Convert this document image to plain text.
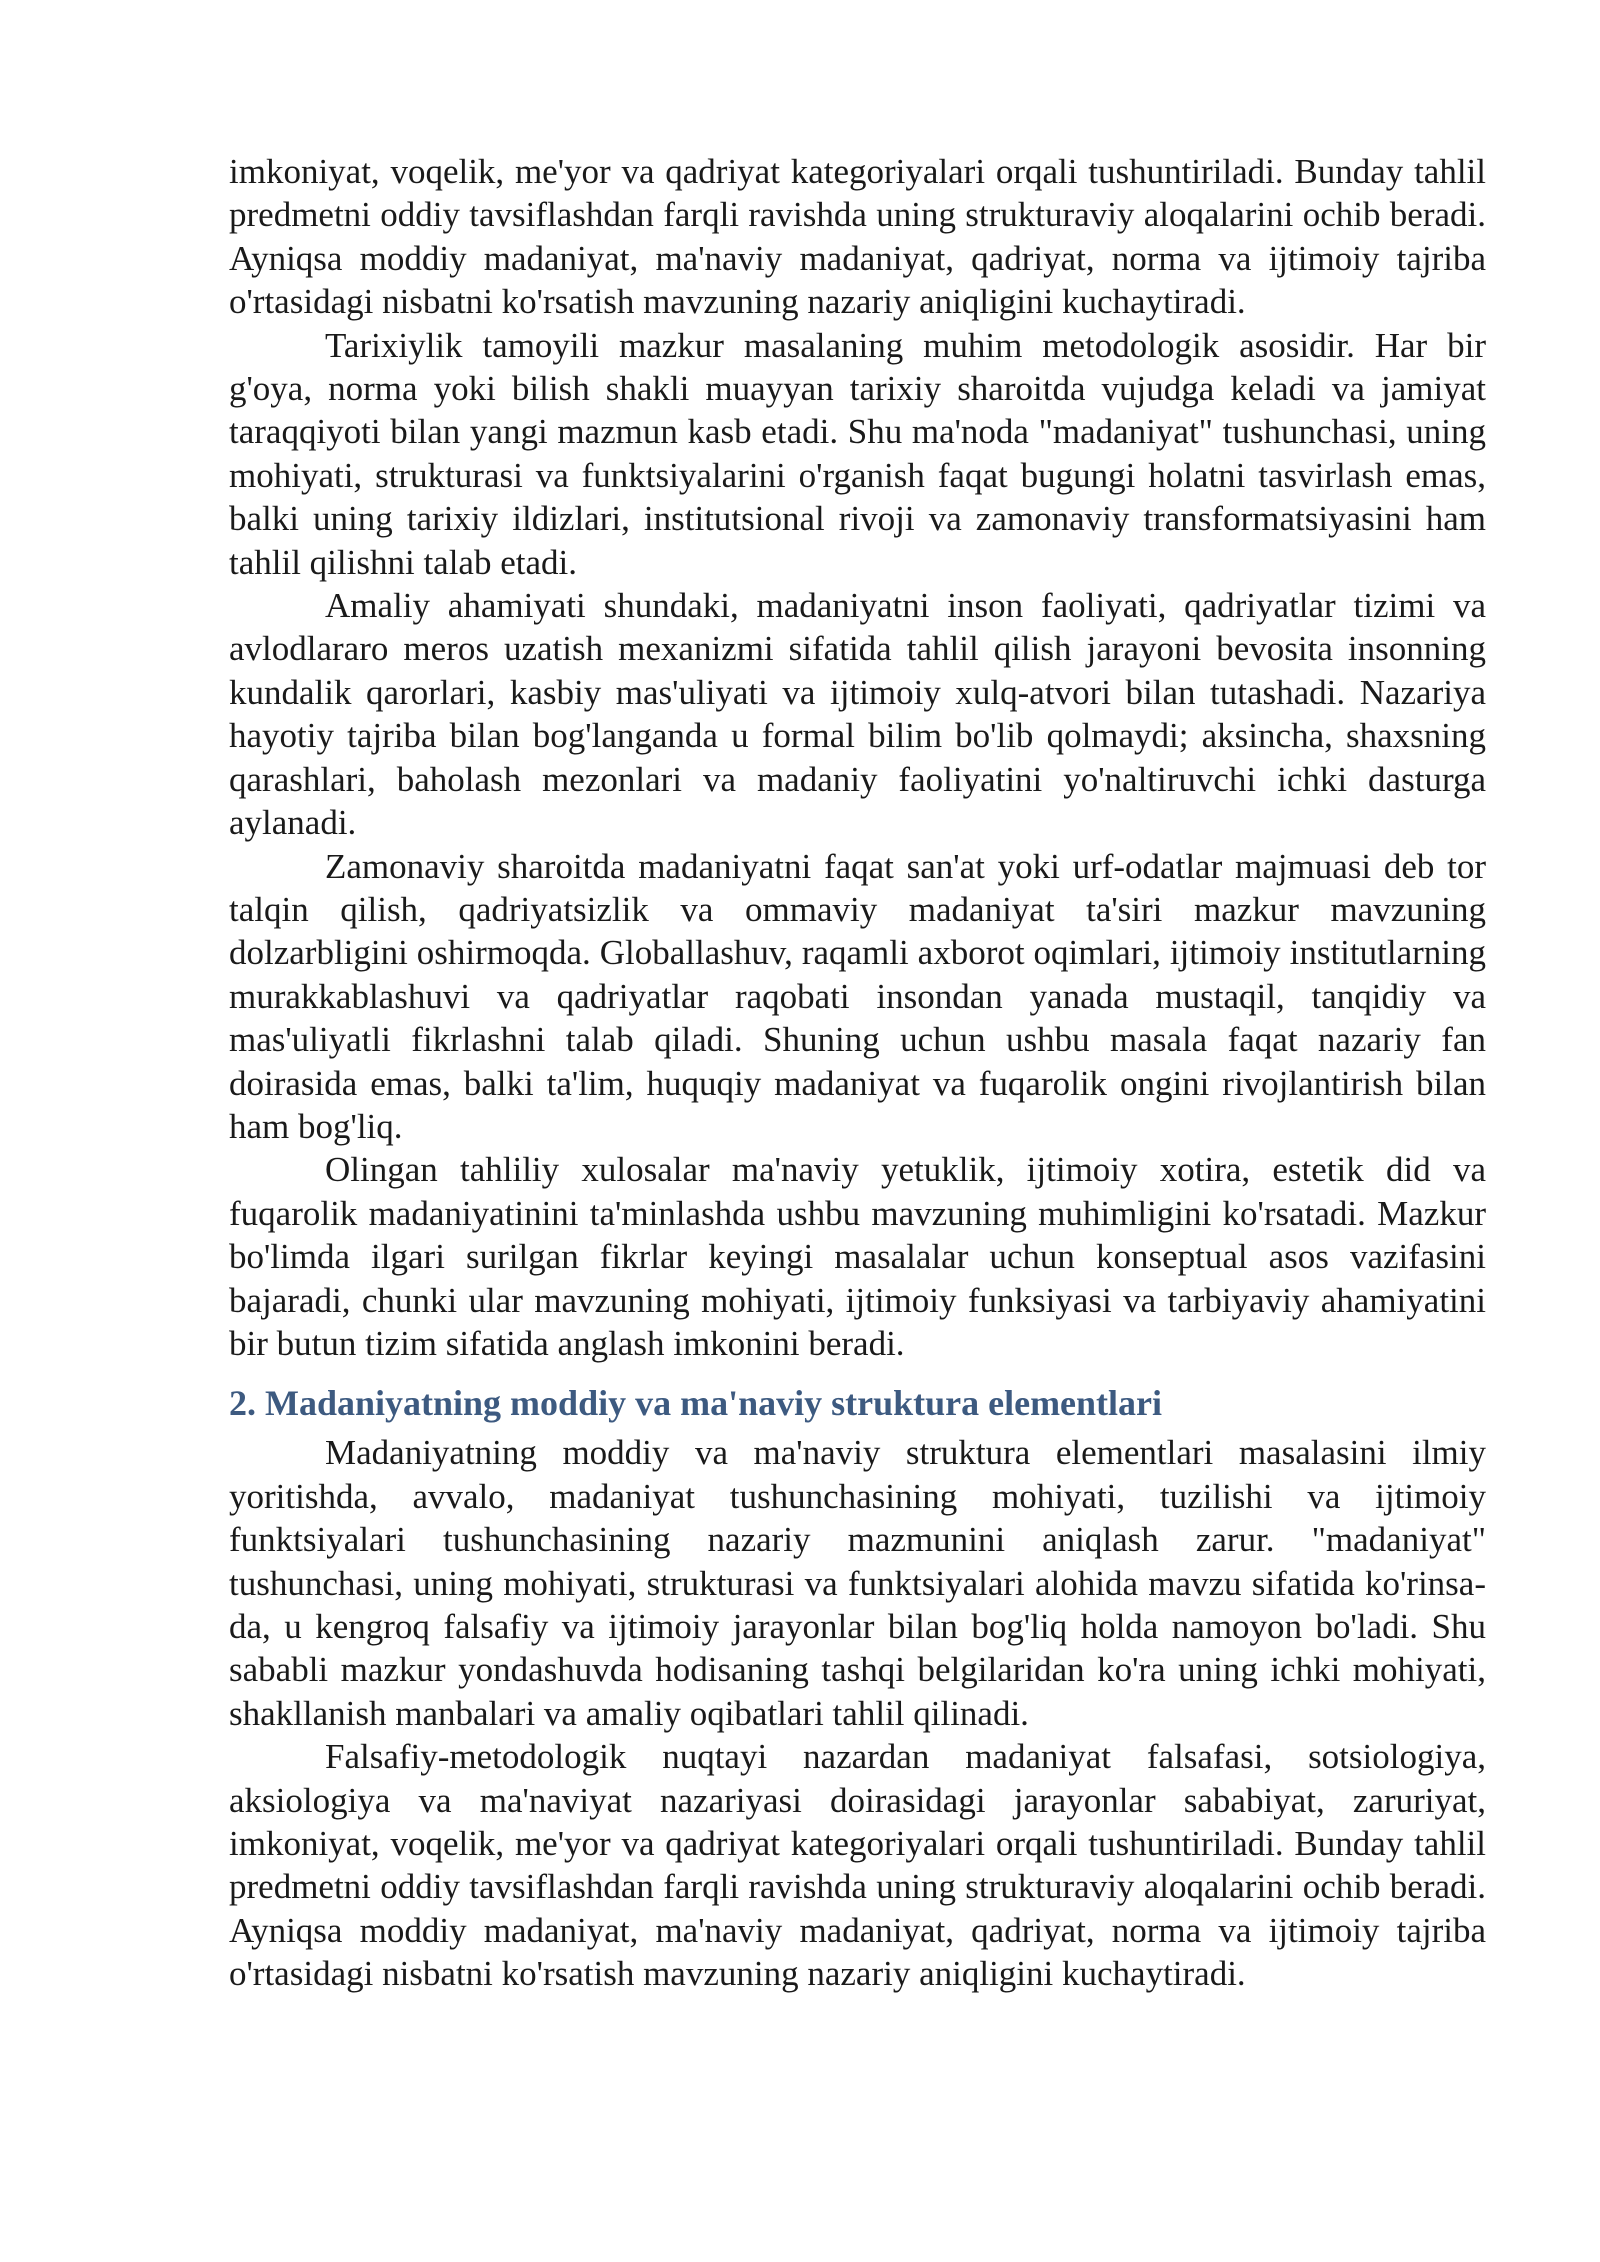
imkoniyat, voqelik, me'yor va qadriyat kategoriyalari orqali tushuntiriladi. Bunday tahlil predmetni oddiy tavsiflashdan farqli ravishda uning strukturaviy aloqalarini ochib beradi. Ayniqsa moddiy madaniyat, ma'naviy madaniyat, qadriyat, norma va ijtimoiy tajriba o'rtasidagi nisbatni ko'rsatish mavzuning nazariy aniqligini kuchaytiradi.

Tarixiylik tamoyili mazkur masalaning muhim metodologik asosidir. Har bir g'oya, norma yoki bilish shakli muayyan tarixiy sharoitda vujudga keladi va jamiyat taraqqiyoti bilan yangi mazmun kasb etadi. Shu ma'noda "madaniyat" tushunchasi, uning mohiyati, strukturasi va funktsiyalarini o'rganish faqat bugungi holatni tasvirlash emas, balki uning tarixiy ildizlari, institutsional rivoji va zamonaviy transformatsiyasini ham tahlil qilishni talab etadi.

Amaliy ahamiyati shundaki, madaniyatni inson faoliyati, qadriyatlar tizimi va avlodlararo meros uzatish mexanizmi sifatida tahlil qilish jarayoni bevosita insonning kundalik qarorlari, kasbiy mas'uliyati va ijtimoiy xulq-atvori bilan tutashadi. Nazariya hayotiy tajriba bilan bog'langanda u formal bilim bo'lib qolmaydi; aksincha, shaxsning qarashlari, baholash mezonlari va madaniy faoliyatini yo'naltiruvchi ichki dasturga aylanadi.

Zamonaviy sharoitda madaniyatni faqat san'at yoki urf-odatlar majmuasi deb tor talqin qilish, qadriyatsizlik va ommaviy madaniyat ta'siri mazkur mavzuning dolzarbligini oshirmoqda. Globallashuv, raqamli axborot oqimlari, ijtimoiy institutlarning murakkablashuvi va qadriyatlar raqobati insondan yanada mustaqil, tanqidiy va mas'uliyatli fikrlashni talab qiladi. Shuning uchun ushbu masala faqat nazariy fan doirasida emas, balki ta'lim, huquqiy madaniyat va fuqarolik ongini rivojlantirish bilan ham bog'liq.

Olingan tahliliy xulosalar ma'naviy yetuklik, ijtimoiy xotira, estetik did va fuqarolik madaniyatinini ta'minlashda ushbu mavzuning muhimligini ko'rsatadi. Mazkur bo'limda ilgari surilgan fikrlar keyingi masalalar uchun konseptual asos vazifasini bajaradi, chunki ular mavzuning mohiyati, ijtimoiy funksiyasi va tarbiyaviy ahamiyatini bir butun tizim sifatida anglash imkonini beradi.

2. Madaniyatning moddiy va ma'naviy struktura elementlari

Madaniyatning moddiy va ma'naviy struktura elementlari masalasini ilmiy yoritishda, avvalo, madaniyat tushunchasining mohiyati, tuzilishi va ijtimoiy funktsiyalari tushunchasining nazariy mazmunini aniqlash zarur. "madaniyat" tushunchasi, uning mohiyati, strukturasi va funktsiyalari alohida mavzu sifatida ko'rinsa-da, u kengroq falsafiy va ijtimoiy jarayonlar bilan bog'liq holda namoyon bo'ladi. Shu sababli mazkur yondashuvda hodisaning tashqi belgilaridan ko'ra uning ichki mohiyati, shakllanish manbalari va amaliy oqibatlari tahlil qilinadi.

Falsafiy-metodologik nuqtayi nazardan madaniyat falsafasi, sotsiologiya, aksiologiya va ma'naviyat nazariyasi doirasidagi jarayonlar sababiyat, zaruriyat, imkoniyat, voqelik, me'yor va qadriyat kategoriyalari orqali tushuntiriladi. Bunday tahlil predmetni oddiy tavsiflashdan farqli ravishda uning strukturaviy aloqalarini ochib beradi. Ayniqsa moddiy madaniyat, ma'naviy madaniyat, qadriyat, norma va ijtimoiy tajriba o'rtasidagi nisbatni ko'rsatish mavzuning nazariy aniqligini kuchaytiradi.
